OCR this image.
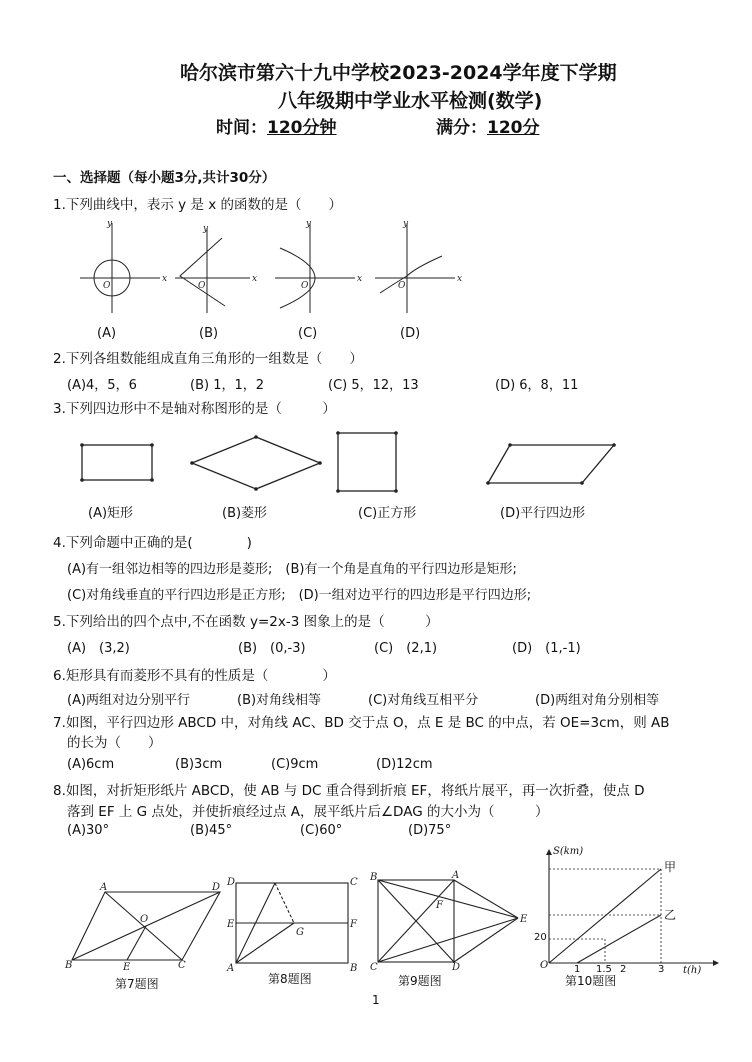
哈尔滨市第六十九中学校2023-2024学年度下学期
八年级期中学业水平检测(数学)
时间：120分钟	满分：120分
一、选择题（每小题3分,共计30分）
1.下列曲线中，表示 y 是 x 的函数的是（　　）
y
x
O
y
x
O
y
x
O
y
x
O
(A)	(B)	(C)	(D)
2.下列各组数能组成直角三角形的一组数是（　　）
(A)4，5，6	(B) 1，1，2	(C) 5，12，13	(D) 6，8，11
3.下列四边形中不是轴对称图形的是（　　　）
(A)矩形	(B)菱形	(C)正方形	(D)平行四边形
4.下列命题中正确的是(　　　　)
(A)有一组邻边相等的四边形是菱形;　(B)有一个角是直角的平行四边形是矩形;
(C)对角线垂直的平行四边形是正方形;　(D)一组对边平行的四边形是平行四边形;
5.下列给出的四个点中,不在函数 y=2x-3 图象上的是（　　　）
(A)　(3,2)	(B)　(0,-3)	(C)　(2,1)	(D)　(1,-1)
6.矩形具有而菱形不具有的性质是（　　　　）
(A)两组对边分别平行	(B)对角线相等	(C)对角线互相平分	(D)两组对角分别相等
7.如图，平行四边形 ABCD 中，对角线 AC、BD 交于点 O，点 E 是 BC 的中点，若 OE=3cm，则 AB
的长为（　　）
(A)6cm	(B)3cm	(C)9cm	(D)12cm
8.如图，对折矩形纸片 ABCD，使 AB 与 DC 重合得到折痕 EF，将纸片展平，再一次折叠，使点 D
落到 EF 上 G 点处，并使折痕经过点 A，展平纸片后∠DAG 的大小为（　　　）
(A)30°	(B)45°	(C)60°	(D)75°
A	D
B	C
O
E
第7题图
D	C
E	F
A	B
G
第8题图
B	A
C	D
F
E
第9题图
S(km)
t(h)
甲
乙
20
O	1 1.5 2	3
第10题图
1
